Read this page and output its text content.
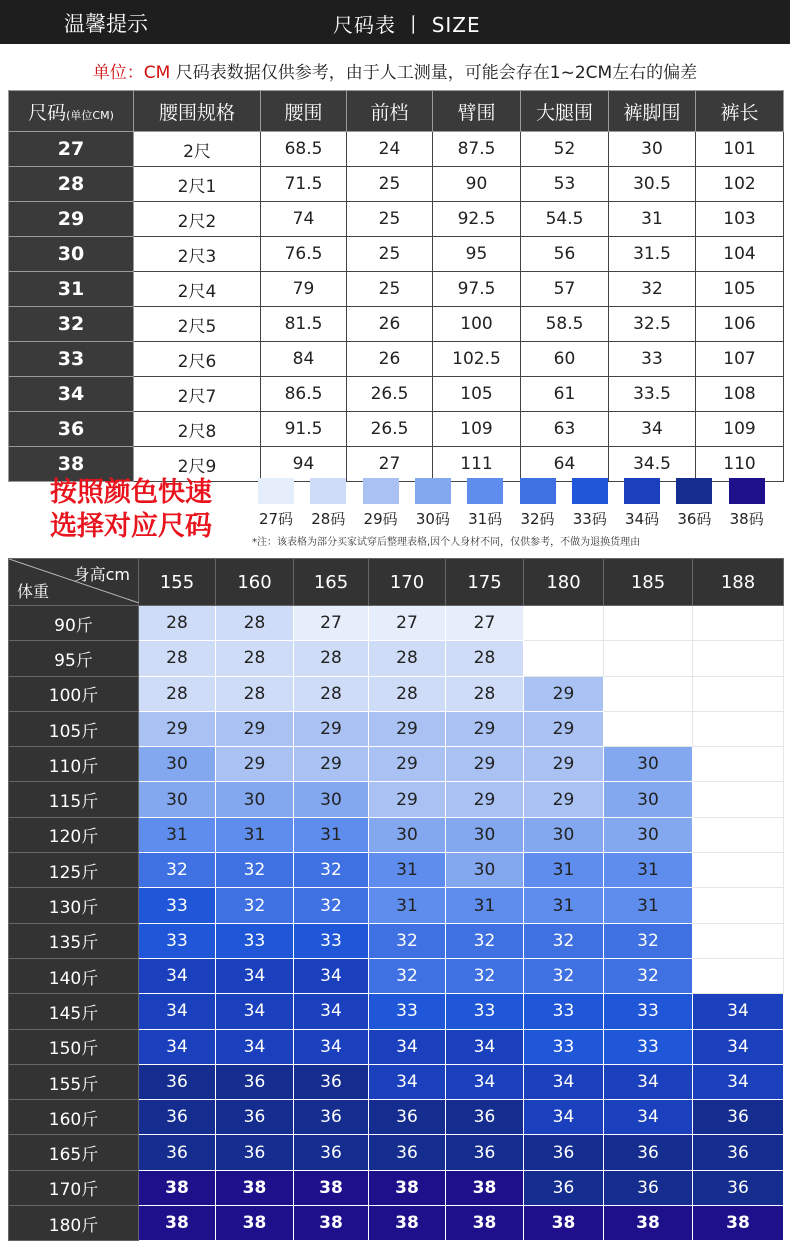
温馨提示	尺码表 丨 SIZE
单位：CM 尺码表数据仅供参考，由于人工测量，可能会存在1~2CM左右的偏差
尺码(单位CM)	腰围规格	腰围	前档	臂围	大腿围	裤脚围	裤长
27	2尺	68.5	24	87.5	52	30	101
28	2尺1	71.5	25	90	53	30.5	102
29	2尺2	74	25	92.5	54.5	31	103
30	2尺3	76.5	25	95	56	31.5	104
31	2尺4	79	25	97.5	57	32	105
32	2尺5	81.5	26	100	58.5	32.5	106
33	2尺6	84	26	102.5	60	33	107
34	2尺7	86.5	26.5	105	61	33.5	108
36	2尺8	91.5	26.5	109	63	34	109
38	2尺9	94	27	111	64	34.5	110
按照颜色快速
选择对应尺码	27码	28码	29码	30码	31码	32码	33码	34码	36码	38码
*注：该表格为部分买家试穿后整理表格,因个人身材不同，仅供参考，不做为退换货理由
身高cm
体重	155	160	165	170	175	180	185	188
90斤	28	28	27	27	27			
95斤	28	28	28	28	28			
100斤	28	28	28	28	28	29		
105斤	29	29	29	29	29	29		
110斤	30	29	29	29	29	29	30	
115斤	30	30	30	29	29	29	30	
120斤	31	31	31	30	30	30	30	
125斤	32	32	32	31	30	31	31	
130斤	33	32	32	31	31	31	31	
135斤	33	33	33	32	32	32	32	
140斤	34	34	34	32	32	32	32	
145斤	34	34	34	33	33	33	33	34
150斤	34	34	34	34	34	33	33	34
155斤	36	36	36	34	34	34	34	34
160斤	36	36	36	36	36	34	34	36
165斤	36	36	36	36	36	36	36	36
170斤	38	38	38	38	38	36	36	36
180斤	38	38	38	38	38	38	38	38
